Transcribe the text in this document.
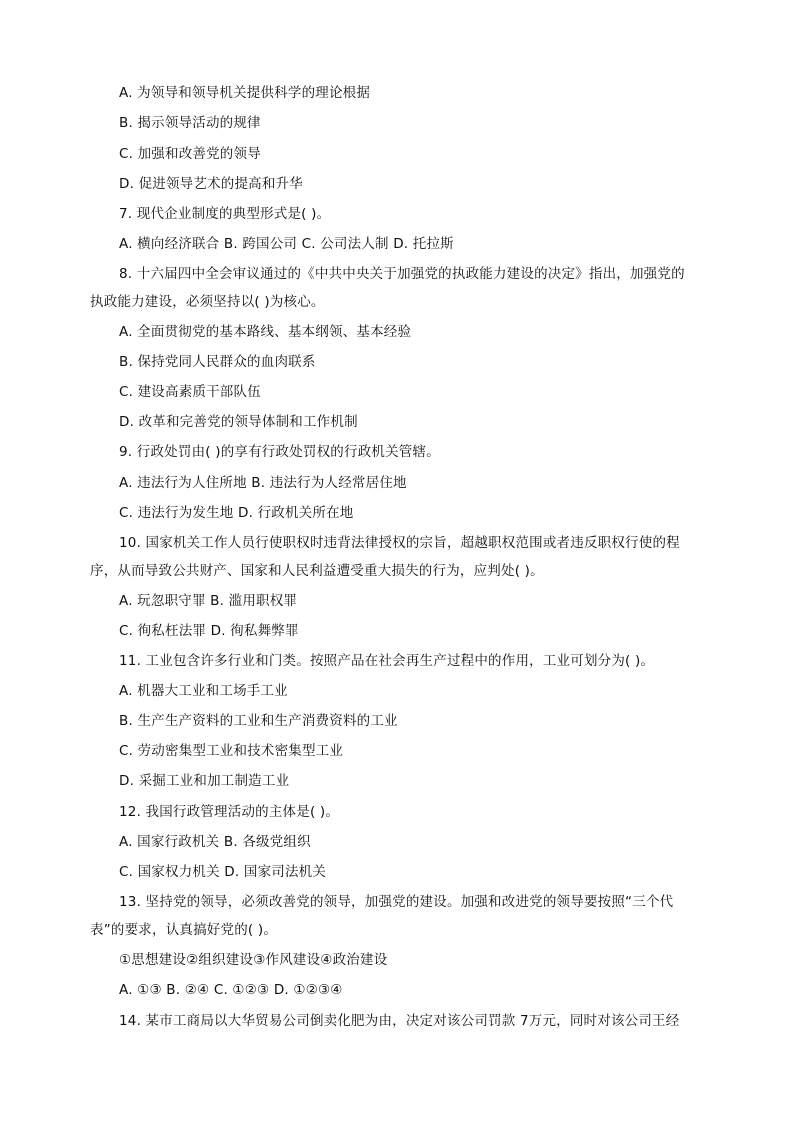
A. 为领导和领导机关提供科学的理论根据
B. 揭示领导活动的规律
C. 加强和改善党的领导
D. 促进领导艺术的提高和升华
7. 现代企业制度的典型形式是( )。
A. 横向经济联合 B. 跨国公司 C. 公司法人制 D. 托拉斯
8. 十六届四中全会审议通过的《中共中央关于加强党的执政能力建设的决定》指出，加强党的
执政能力建设，必须坚持以( )为核心。
A. 全面贯彻党的基本路线、基本纲领、基本经验
B. 保持党同人民群众的血肉联系
C. 建设高素质干部队伍
D. 改革和完善党的领导体制和工作机制
9. 行政处罚由( )的享有行政处罚权的行政机关管辖。
A. 违法行为人住所地 B. 违法行为人经常居住地
C. 违法行为发生地 D. 行政机关所在地
10. 国家机关工作人员行使职权时违背法律授权的宗旨，超越职权范围或者违反职权行使的程
序，从而导致公共财产、国家和人民利益遭受重大损失的行为，应判处( )。
A. 玩忽职守罪 B. 滥用职权罪
C. 徇私枉法罪 D. 徇私舞弊罪
11. 工业包含许多行业和门类。按照产品在社会再生产过程中的作用，工业可划分为( )。
A. 机器大工业和工场手工业
B. 生产生产资料的工业和生产消费资料的工业
C. 劳动密集型工业和技术密集型工业
D. 采掘工业和加工制造工业
12. 我国行政管理活动的主体是( )。
A. 国家行政机关 B. 各级党组织
C. 国家权力机关 D. 国家司法机关
13. 坚持党的领导，必须改善党的领导，加强党的建设。加强和改进党的领导要按照“三个代
表”的要求，认真搞好党的( )。
①思想建设②组织建设③作风建设④政治建设
A. ①③ B. ②④ C. ①②③ D. ①②③④
14. 某市工商局以大华贸易公司倒卖化肥为由，决定对该公司罚款 7万元，同时对该公司王经
